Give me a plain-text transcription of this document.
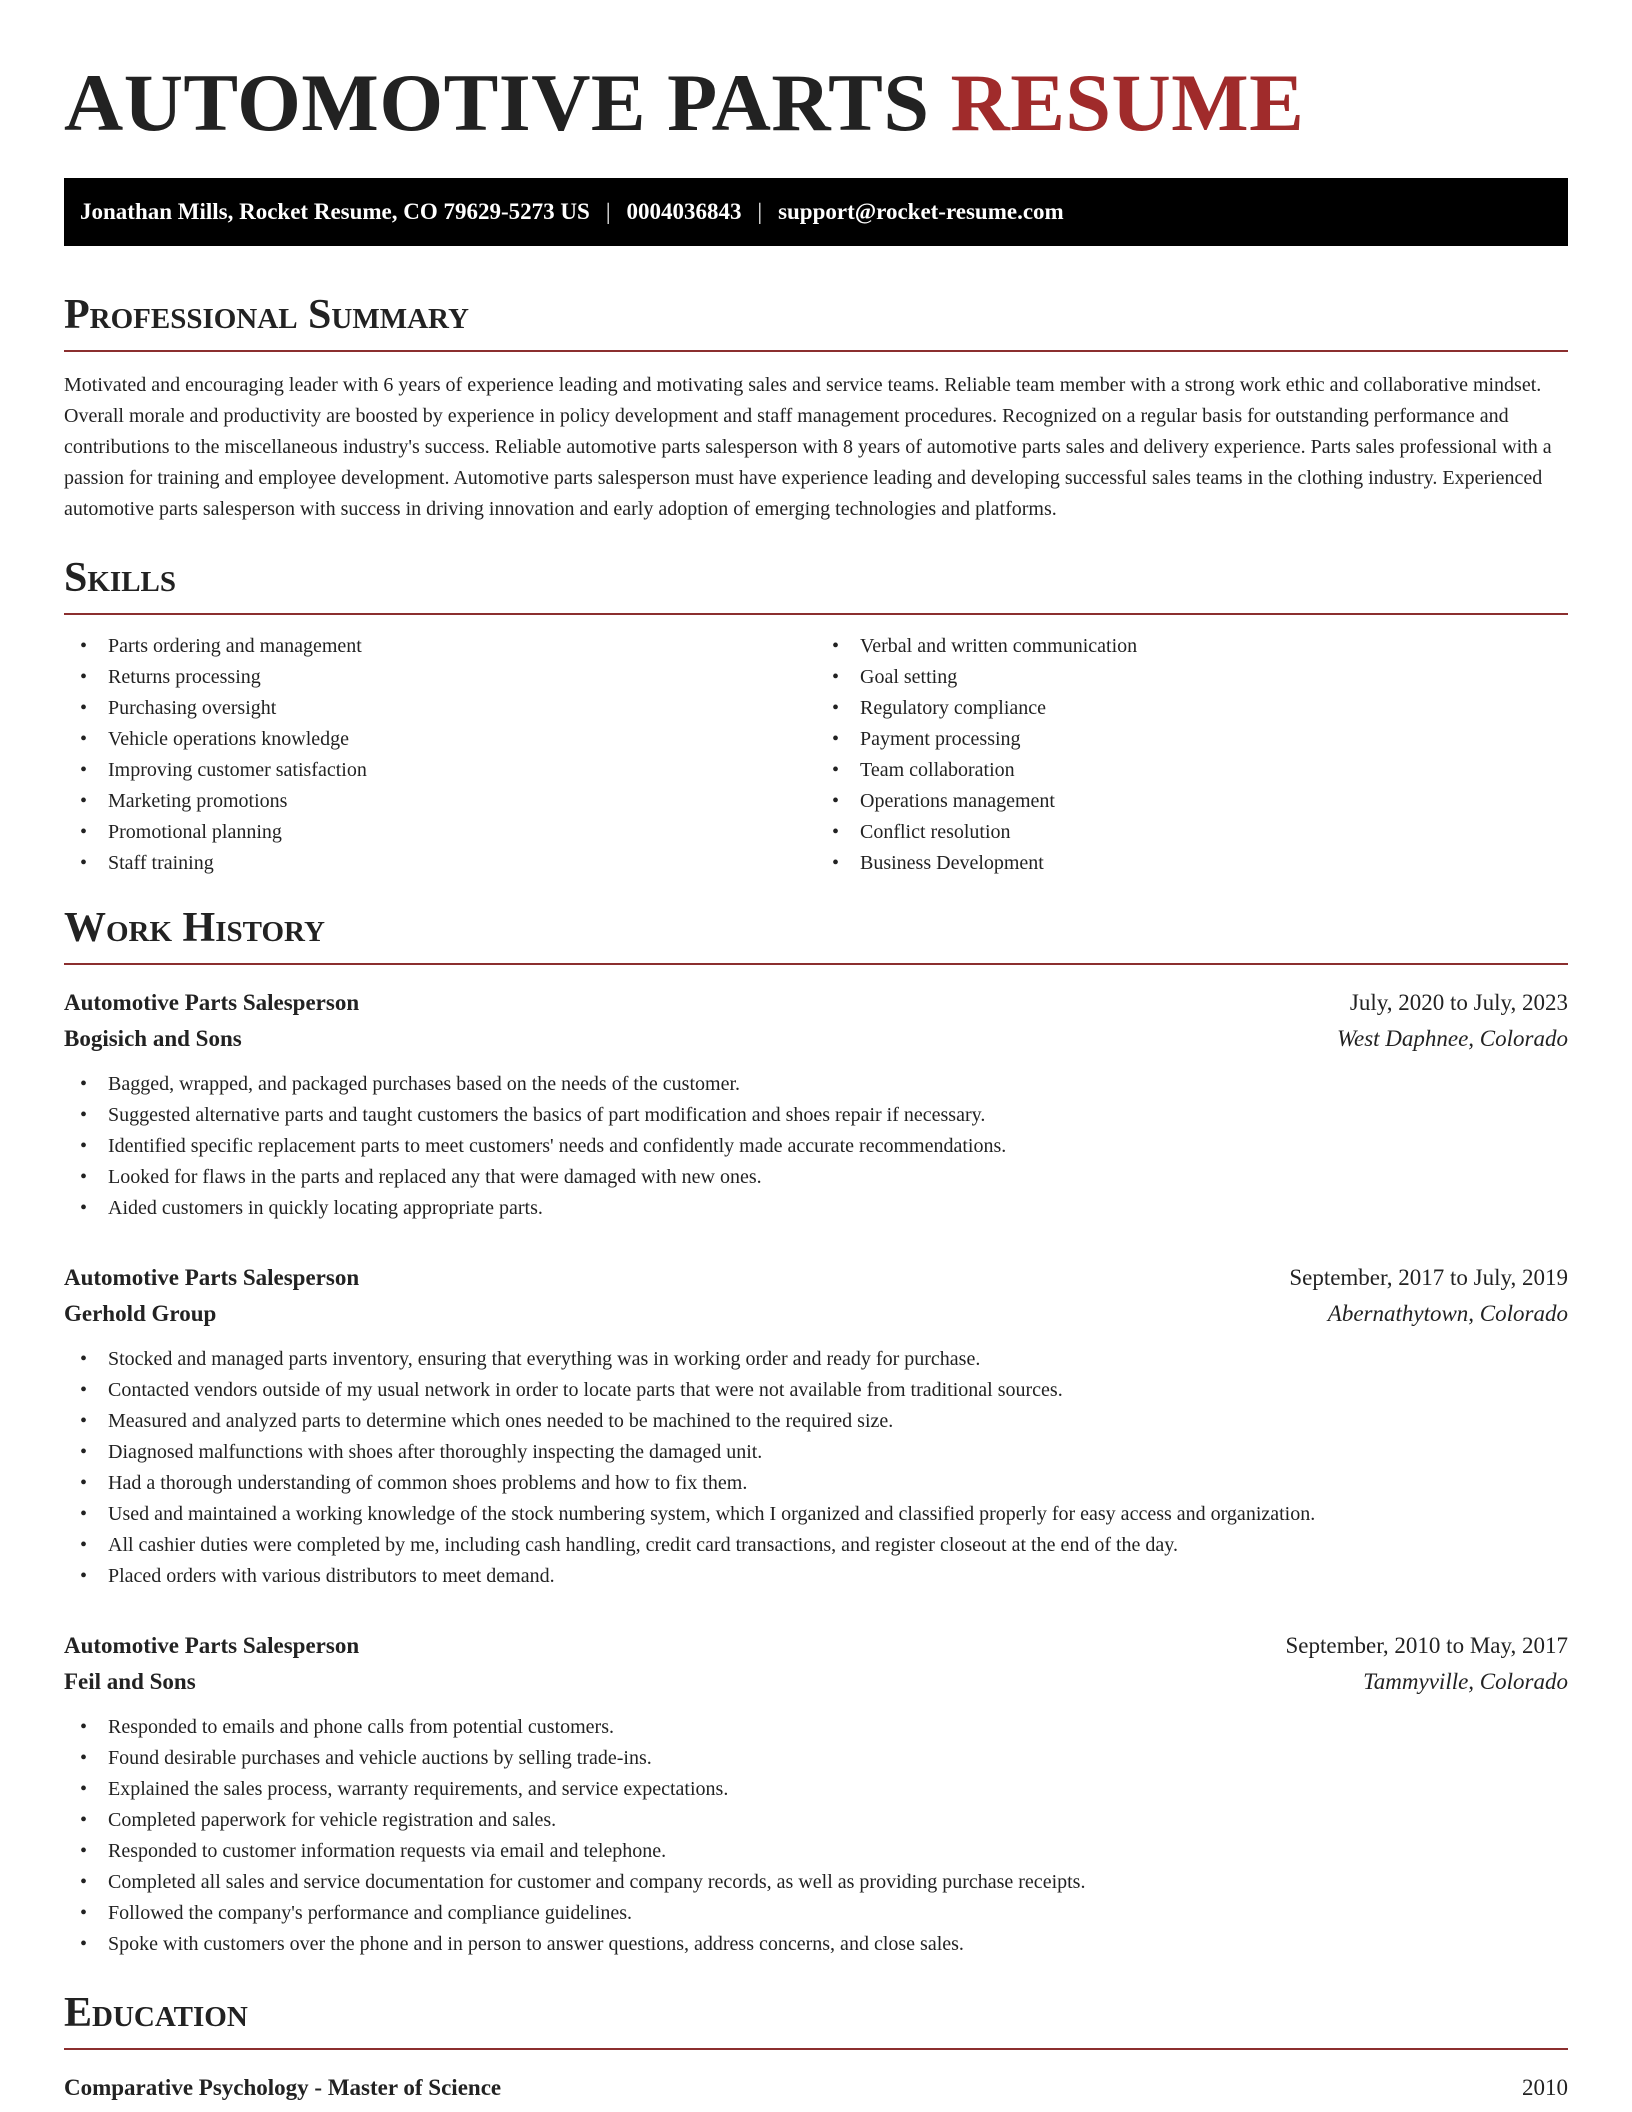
AUTOMOTIVE PARTS RESUME
Jonathan Mills, Rocket Resume, CO 79629-5273 US | 0004036843 | support@rocket-resume.com
Professional Summary

Motivated and encouraging leader with 6 years of experience leading and motivating sales and service teams. Reliable team member with a strong work ethic and collaborative mindset. Overall morale and productivity are boosted by experience in policy development and staff management procedures. Recognized on a regular basis for outstanding performance and contributions to the miscellaneous industry's success. Reliable automotive parts salesperson with 8 years of automotive parts sales and delivery experience. Parts sales professional with a passion for training and employee development. Automotive parts salesperson must have experience leading and developing successful sales teams in the clothing industry. Experienced automotive parts salesperson with success in driving innovation and early adoption of emerging technologies and platforms.

Skills
• Parts ordering and management
• Returns processing
• Purchasing oversight
• Vehicle operations knowledge
• Improving customer satisfaction
• Marketing promotions
• Promotional planning
• Staff training
• Verbal and written communication
• Goal setting
• Regulatory compliance
• Payment processing
• Team collaboration
• Operations management
• Conflict resolution
• Business Development
Work History
Automotive Parts Salesperson	July, 2020 to July, 2023
Bogisich and Sons	West Daphnee, Colorado
• Bagged, wrapped, and packaged purchases based on the needs of the customer.
• Suggested alternative parts and taught customers the basics of part modification and shoes repair if necessary.
• Identified specific replacement parts to meet customers' needs and confidently made accurate recommendations.
• Looked for flaws in the parts and replaced any that were damaged with new ones.
• Aided customers in quickly locating appropriate parts.
Automotive Parts Salesperson	September, 2017 to July, 2019
Gerhold Group	Abernathytown, Colorado
• Stocked and managed parts inventory, ensuring that everything was in working order and ready for purchase.
• Contacted vendors outside of my usual network in order to locate parts that were not available from traditional sources.
• Measured and analyzed parts to determine which ones needed to be machined to the required size.
• Diagnosed malfunctions with shoes after thoroughly inspecting the damaged unit.
• Had a thorough understanding of common shoes problems and how to fix them.
• Used and maintained a working knowledge of the stock numbering system, which I organized and classified properly for easy access and organization.
• All cashier duties were completed by me, including cash handling, credit card transactions, and register closeout at the end of the day.
• Placed orders with various distributors to meet demand.
Automotive Parts Salesperson	September, 2010 to May, 2017
Feil and Sons	Tammyville, Colorado
• Responded to emails and phone calls from potential customers.
• Found desirable purchases and vehicle auctions by selling trade-ins.
• Explained the sales process, warranty requirements, and service expectations.
• Completed paperwork for vehicle registration and sales.
• Responded to customer information requests via email and telephone.
• Completed all sales and service documentation for customer and company records, as well as providing purchase receipts.
• Followed the company's performance and compliance guidelines.
• Spoke with customers over the phone and in person to answer questions, address concerns, and close sales.
Education
Comparative Psychology - Master of Science	2010
